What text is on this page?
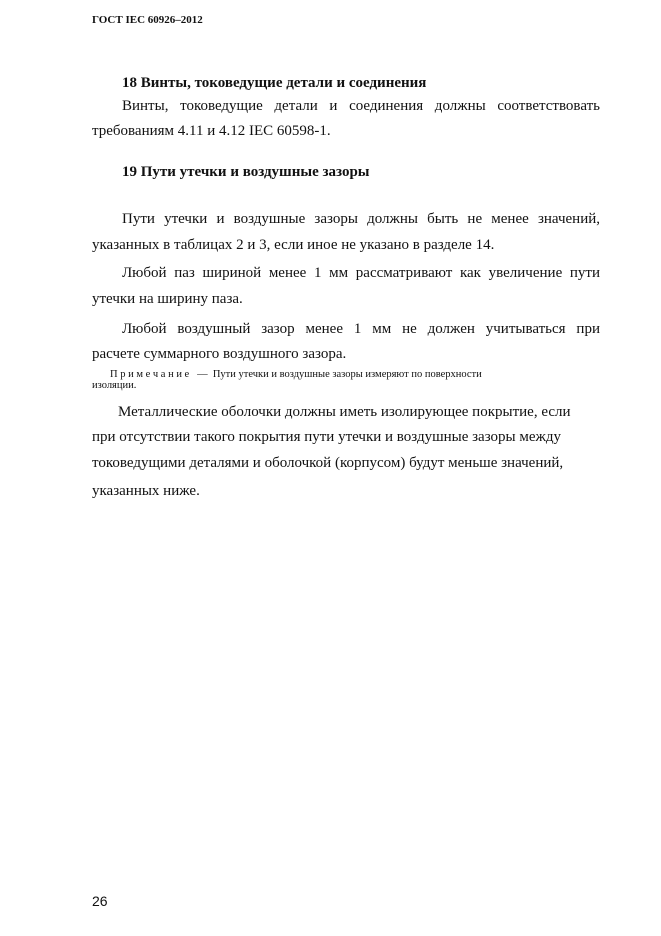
ГОСТ IEC 60926–2012
18 Винты, токоведущие детали и соединения
Винты, токоведущие детали и соединения должны соответствовать
требованиям 4.11 и 4.12 IEC 60598-1.
19 Пути утечки и воздушные зазоры
Пути утечки и воздушные зазоры должны быть не менее значений,
указанных в таблицах 2 и 3, если иное не указано в разделе 14.
Любой паз шириной менее 1 мм рассматривают как увеличение пути
утечки на ширину паза.
Любой воздушный зазор менее 1 мм не должен учитываться при
расчете суммарного воздушного зазора.
П р и м е ч а н и е   —  Пути утечки и воздушные зазоры измеряют по поверхности
изоляции.
Металлические оболочки должны иметь изолирующее покрытие, если
при отсутствии такого покрытия пути утечки и воздушные зазоры между
токоведущими деталями и оболочкой (корпусом) будут меньше значений,
указанных ниже.
26
